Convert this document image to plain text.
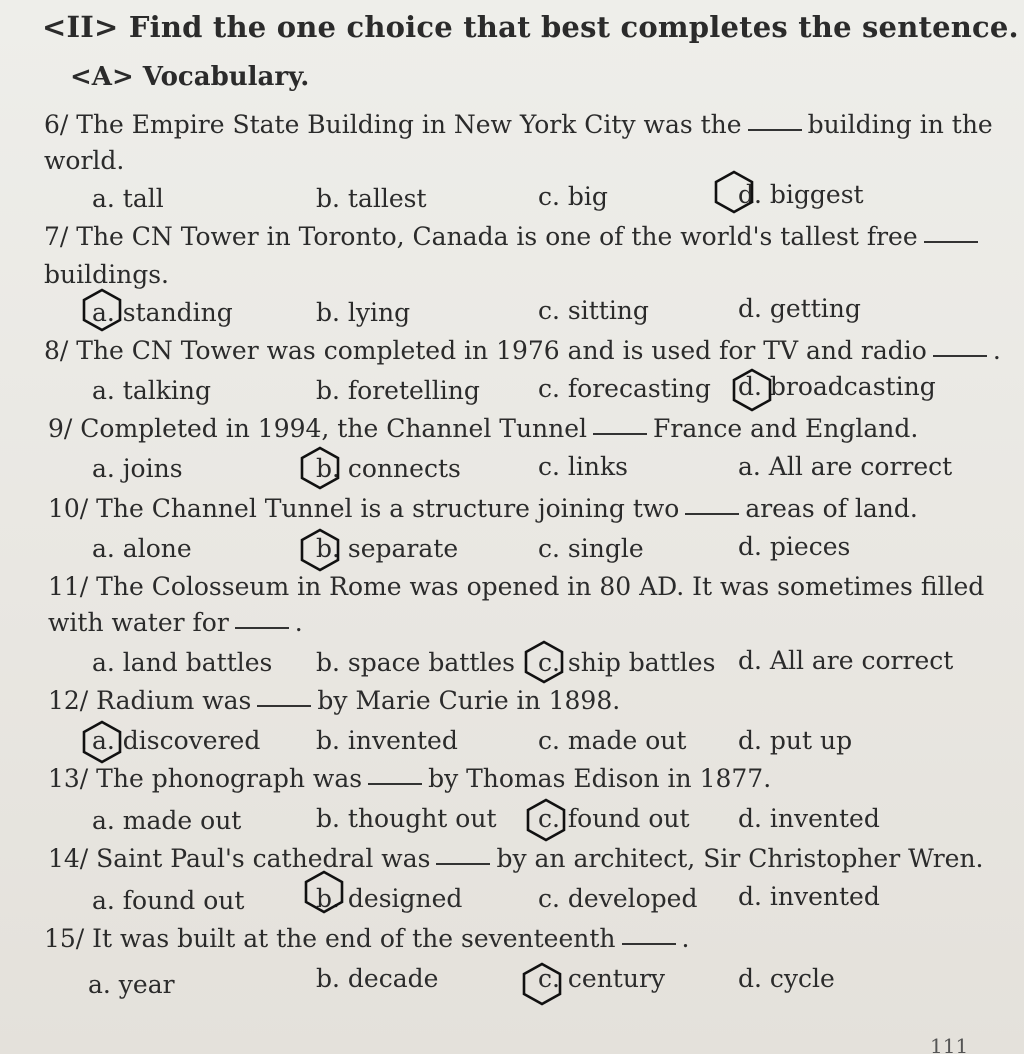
<II> Find the one choice that best completes the sentence.
<A> Vocabulary.
6/ The Empire State Building in New York City was the	building in the
world.
a. tall	b. tallest	c. big	d. biggest
7/ The CN Tower in Toronto, Canada is one of the world's tallest free
buildings.
a. standing	b. lying	c. sitting	d. getting
8/ The CN Tower was completed in 1976 and is used for TV and radio	.
a. talking	b. foretelling c. forecasting d. broadcasting
9/ Completed in 1994, the Channel Tunnel	France and England.
a. joins	b. connects	c. links	a. All are correct
10/ The Channel Tunnel is a structure joining two	areas of land.
a. alone	b. separate	c. single	d. pieces
11/ The Colosseum in Rome was opened in 80 AD. It was sometimes filled
with water for	.
a. land battles b. space battles c. ship battles d. All are correct
12/ Radium was	by Marie Curie in 1898.
a. discovered b. invented	c. made out d. put up
13/ The phonograph was	by Thomas Edison in 1877.
a. made out	b. thought out c. found out d. invented
14/ Saint Paul's cathedral was	by an architect, Sir Christopher Wren.
a. found out	b. designed	c. developed d. invented
15/ It was built at the end of the seventeenth	.
a. year	b. decade	c. century	d. cycle
111
